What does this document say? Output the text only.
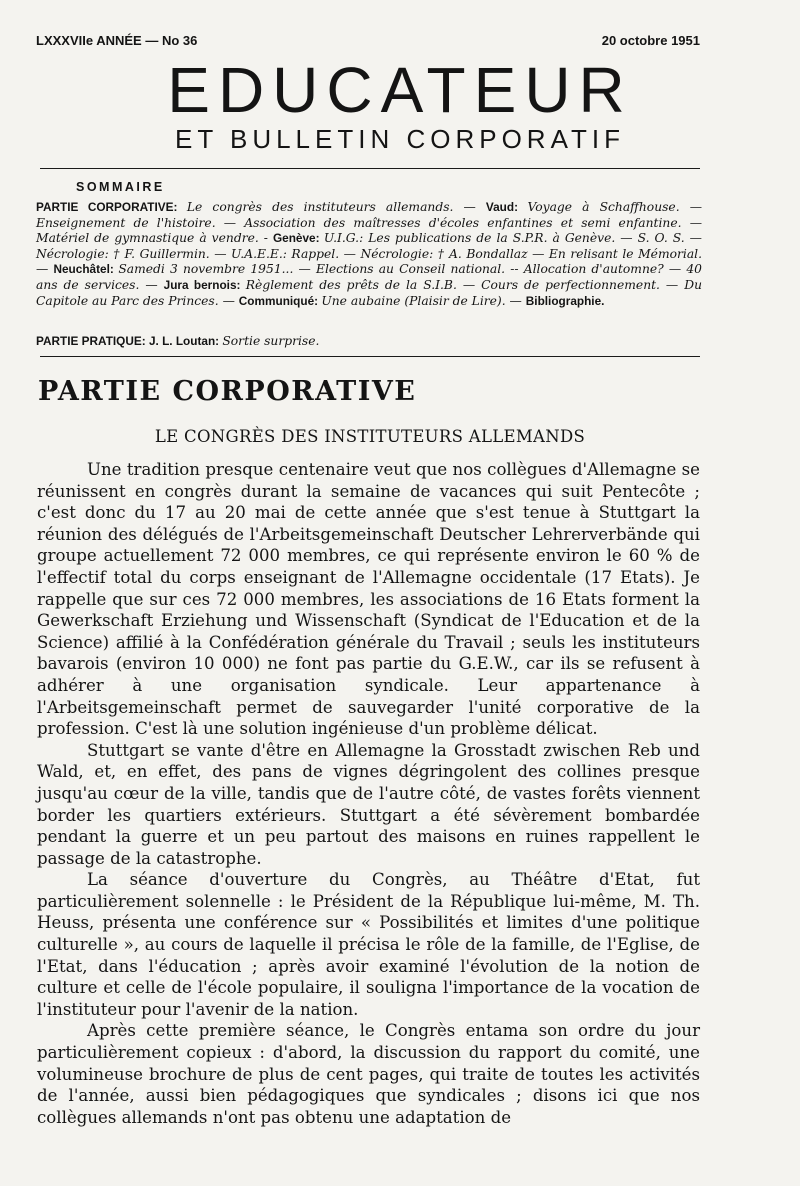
LXXXVIIe ANNÉE — No 36	20 octobre 1951
EDUCATEUR
ET BULLETIN CORPORATIF
SOMMAIRE
PARTIE CORPORATIVE: Le congrès des instituteurs allemands. — Vaud: Voyage à Schaffhouse. — Enseignement de l'histoire. — Association des maîtresses d'écoles enfantines et semi enfantine. — Matériel de gymnastique à vendre. - Genève: U.I.G.: Les publications de la S.P.R. à Genève. — S. O. S. — Nécrologie: † F. Guillermin. — U.A.E.E.: Rappel. — Nécrologie: † A. Bondallaz — En relisant le Mémorial. — Neuchâtel: Samedi 3 novembre 1951... — Elections au Conseil national. -- Allocation d'automne? — 40 ans de services. — Jura bernois: Règlement des prêts de la S.I.B. — Cours de perfectionnement. — Du Capitole au Parc des Princes. — Communiqué: Une aubaine (Plaisir de Lire). — Bibliographie.
PARTIE PRATIQUE: J. L. Loutan: Sortie surprise.
PARTIE CORPORATIVE
LE CONGRÈS DES INSTITUTEURS ALLEMANDS

Une tradition presque centenaire veut que nos collègues d'Allemagne se réunissent en congrès durant la semaine de vacances qui suit Pentecôte ; c'est donc du 17 au 20 mai de cette année que s'est tenue à Stuttgart la réunion des délégués de l'Arbeitsgemeinschaft Deutscher Lehrerverbände qui groupe actuellement 72 000 membres, ce qui représente environ le 60 % de l'effectif total du corps enseignant de l'Allemagne occidentale (17 Etats). Je rappelle que sur ces 72 000 membres, les associations de 16 Etats forment la Gewerkschaft Erziehung und Wissenschaft (Syndicat de l'Education et de la Science) affilié à la Confédération générale du Travail ; seuls les instituteurs bavarois (environ 10 000) ne font pas partie du G.E.W., car ils se refusent à adhérer à une organisation syndicale. Leur appartenance à l'Arbeitsgemeinschaft permet de sauvegarder l'unité corporative de la profession. C'est là une solution ingénieuse d'un problème délicat.

Stuttgart se vante d'être en Allemagne la Grosstadt zwischen Reb und Wald, et, en effet, des pans de vignes dégringolent des collines presque jusqu'au cœur de la ville, tandis que de l'autre côté, de vastes forêts viennent border les quartiers extérieurs. Stuttgart a été sévèrement bombardée pendant la guerre et un peu partout des maisons en ruines rappellent le passage de la catastrophe.

La séance d'ouverture du Congrès, au Théâtre d'Etat, fut particulièrement solennelle : le Président de la République lui-même, M. Th. Heuss, présenta une conférence sur « Possibilités et limites d'une politique culturelle », au cours de laquelle il précisa le rôle de la famille, de l'Eglise, de l'Etat, dans l'éducation ; après avoir examiné l'évolution de la notion de culture et celle de l'école populaire, il souligna l'importance de la vocation de l'instituteur pour l'avenir de la nation.

Après cette première séance, le Congrès entama son ordre du jour particulièrement copieux : d'abord, la discussion du rapport du comité, une volumineuse brochure de plus de cent pages, qui traite de toutes les activités de l'année, aussi bien pédagogiques que syndicales ; disons ici que nos collègues allemands n'ont pas obtenu une adaptation de
